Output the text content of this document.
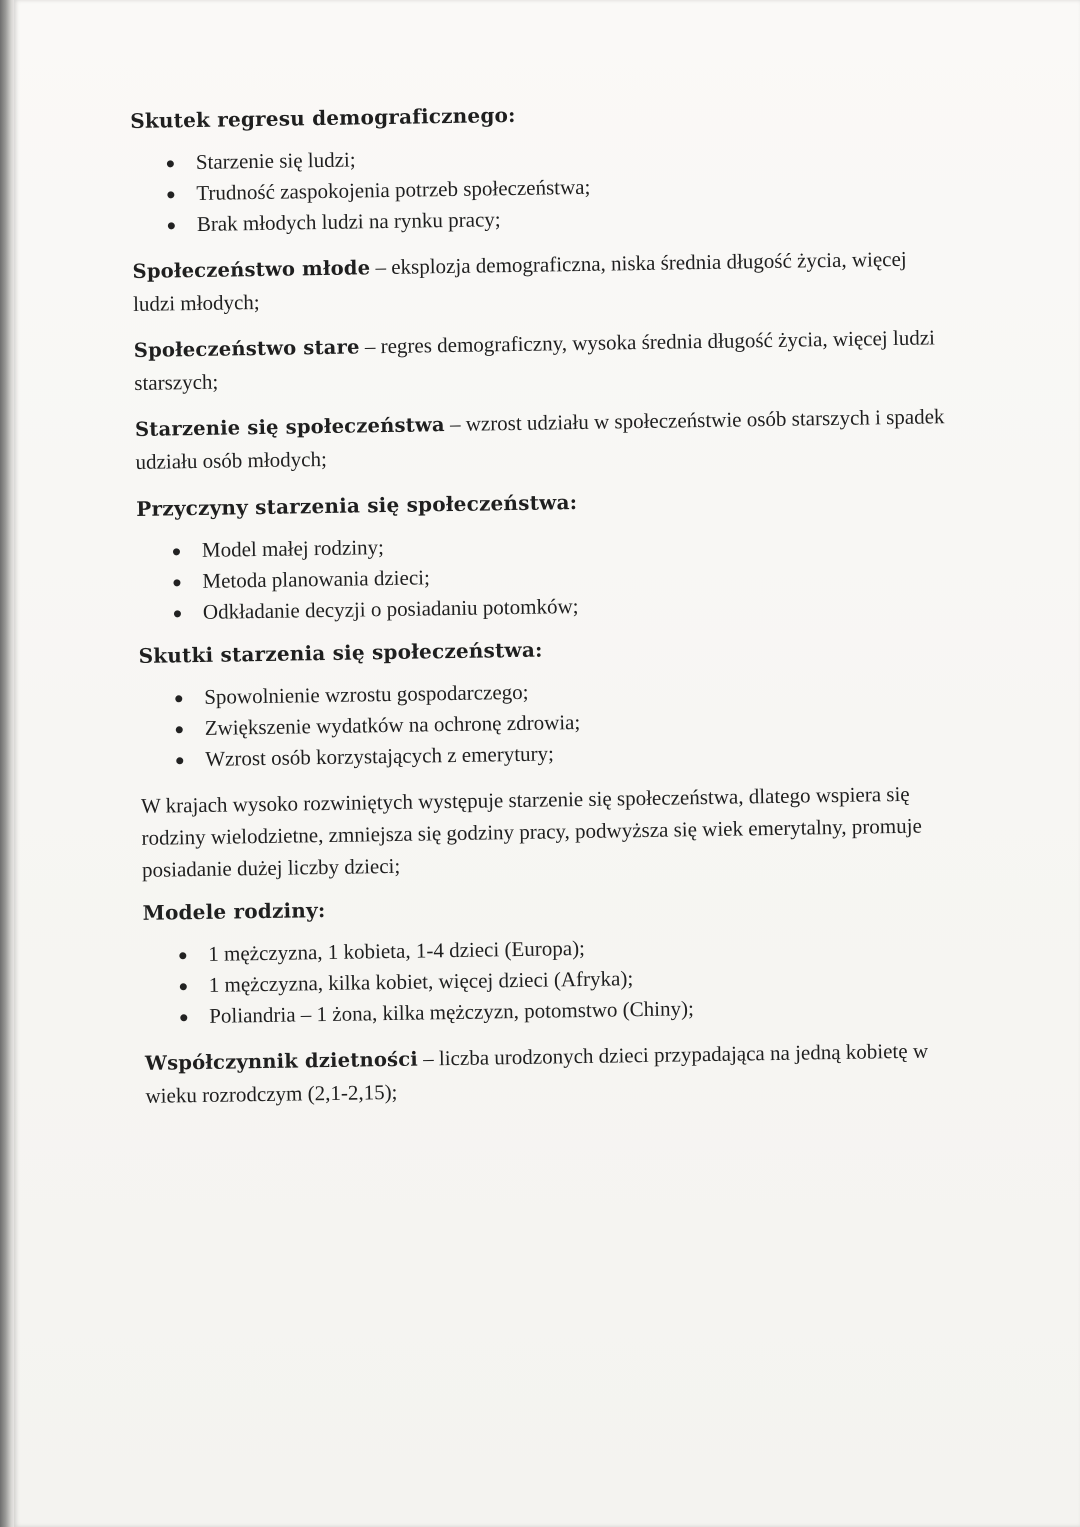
Skutek regresu demograficznego:
Starzenie się ludzi;
Trudność zaspokojenia potrzeb społeczeństwa;
Brak młodych ludzi na rynku pracy;

Społeczeństwo młode – eksplozja demograficzna, niska średnia długość życia, więcej ludzi młodych;

Społeczeństwo stare – regres demograficzny, wysoka średnia długość życia, więcej ludzi starszych;

Starzenie się społeczeństwa – wzrost udziału w społeczeństwie osób starszych i spadek udziału osób młodych;

Przyczyny starzenia się społeczeństwa:
Model małej rodziny;
Metoda planowania dzieci;
Odkładanie decyzji o posiadaniu potomków;
Skutki starzenia się społeczeństwa:
Spowolnienie wzrostu gospodarczego;
Zwiększenie wydatków na ochronę zdrowia;
Wzrost osób korzystających z emerytury;

W krajach wysoko rozwiniętych występuje starzenie się społeczeństwa, dlatego wspiera się rodziny wielodzietne, zmniejsza się godziny pracy, podwyższa się wiek emerytalny, promuje posiadanie dużej liczby dzieci;

Modele rodziny:
1 mężczyzna, 1 kobieta, 1-4 dzieci (Europa);
1 mężczyzna, kilka kobiet, więcej dzieci (Afryka);
Poliandria – 1 żona, kilka mężczyzn, potomstwo (Chiny);

Współczynnik dzietności – liczba urodzonych dzieci przypadająca na jedną kobietę w wieku rozrodczym (2,1-2,15);
